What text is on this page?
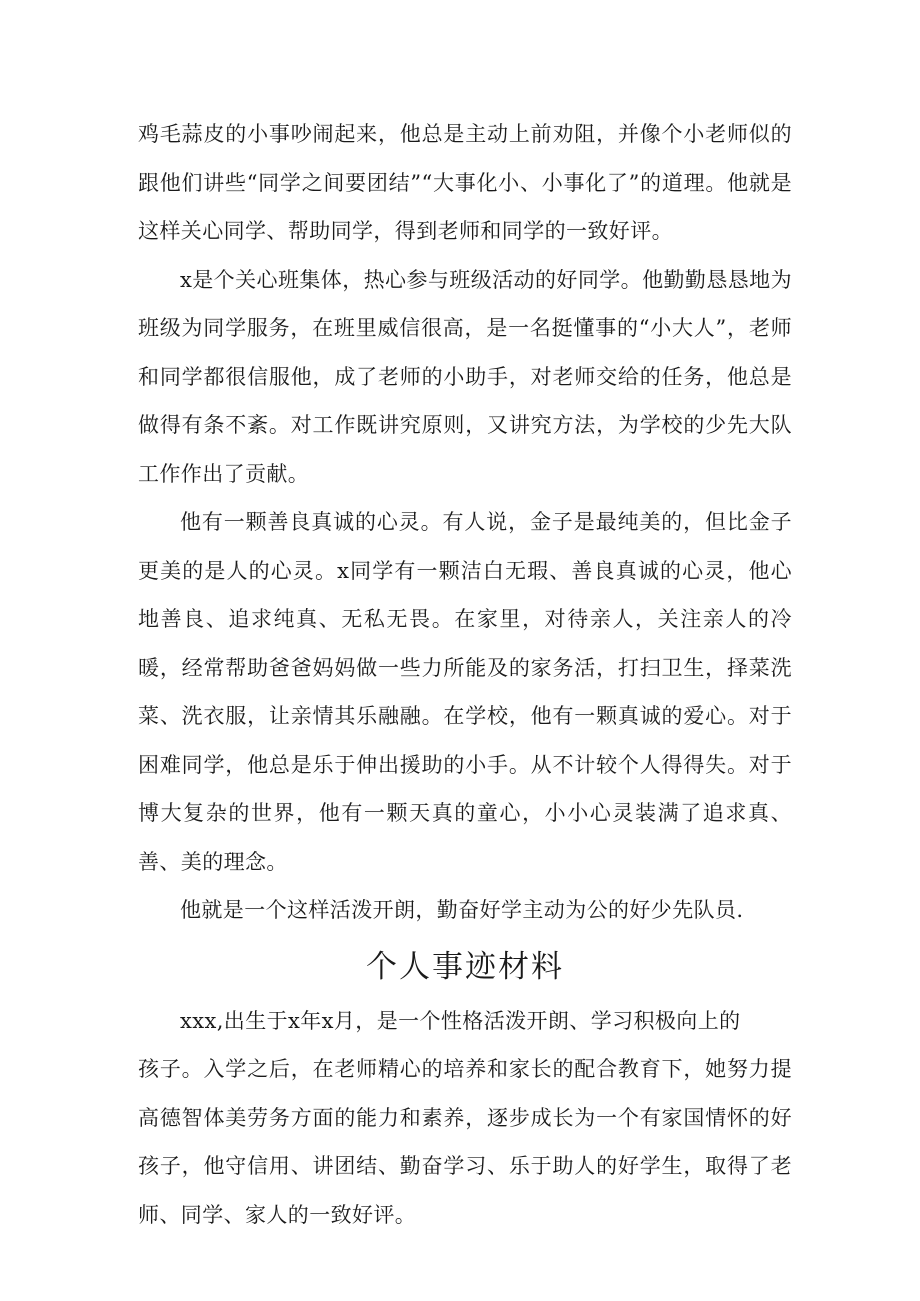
鸡毛蒜皮的小事吵闹起来，他总是主动上前劝阻，并像个小老师似的跟他们讲些“同学之间要团结”“大事化小、小事化了”的道理。他就是这样关心同学、帮助同学，得到老师和同学的一致好评。

x是个关心班集体，热心参与班级活动的好同学。他勤勤恳恳地为班级为同学服务，在班里威信很高，是一名挺懂事的“小大人”，老师和同学都很信服他，成了老师的小助手，对老师交给的任务，他总是做得有条不紊。对工作既讲究原则，又讲究方法，为学校的少先大队工作作出了贡献。

他有一颗善良真诚的心灵。有人说，金子是最纯美的，但比金子更美的是人的心灵。x同学有一颗洁白无瑕、善良真诚的心灵，他心地善良、追求纯真、无私无畏。在家里，对待亲人，关注亲人的冷暖，经常帮助爸爸妈妈做一些力所能及的家务活，打扫卫生，择菜洗菜、洗衣服，让亲情其乐融融。在学校，他有一颗真诚的爱心。对于困难同学，他总是乐于伸出援助的小手。从不计较个人得得失。对于博大复杂的世界，他有一颗天真的童心，小小心灵装满了追求真、善、美的理念。

他就是一个这样活泼开朗，勤奋好学主动为公的好少先队员.

个人事迹材料

xxx,出生于x年x月，是一个性格活泼开朗、学习积极向上的
孩子。入学之后，在老师精心的培养和家长的配合教育下，她努力提高德智体美劳务方面的能力和素养，逐步成长为一个有家国情怀的好孩子，他守信用、讲团结、勤奋学习、乐于助人的好学生，取得了老师、同学、家人的一致好评。
